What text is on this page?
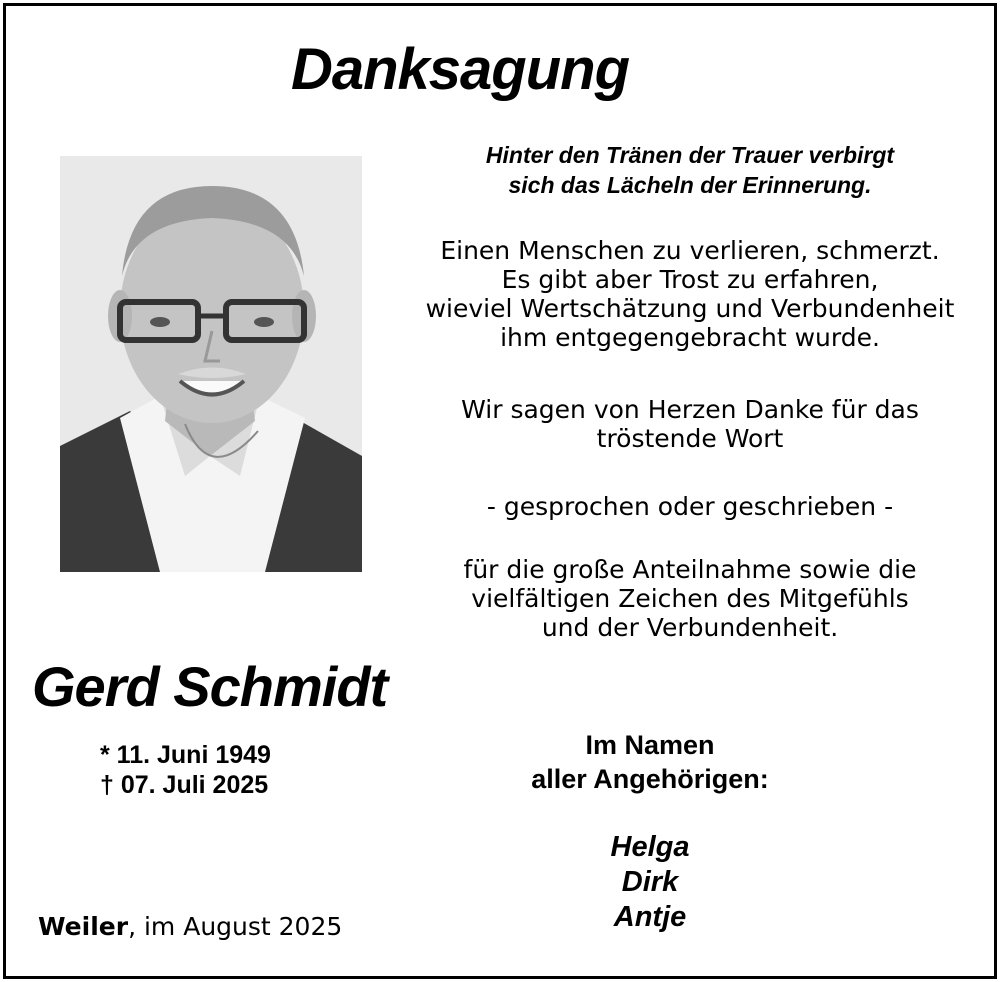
Danksagung
Hinter den Tränen der Trauer verbirgt
sich das Lächeln der Erinnerung.
Einen Menschen zu verlieren, schmerzt.
Es gibt aber Trost zu erfahren,
wieviel Wertschätzung und Verbundenheit
ihm entgegengebracht wurde.
Wir sagen von Herzen Danke für das
tröstende Wort
- gesprochen oder geschrieben -
für die große Anteilnahme sowie die
vielfältigen Zeichen des Mitgefühls
und der Verbundenheit.
Gerd Schmidt
* 11. Juni 1949
† 07. Juli 2025
Im Namen
aller Angehörigen:
Helga
Dirk
Antje
Weiler, im August 2025
